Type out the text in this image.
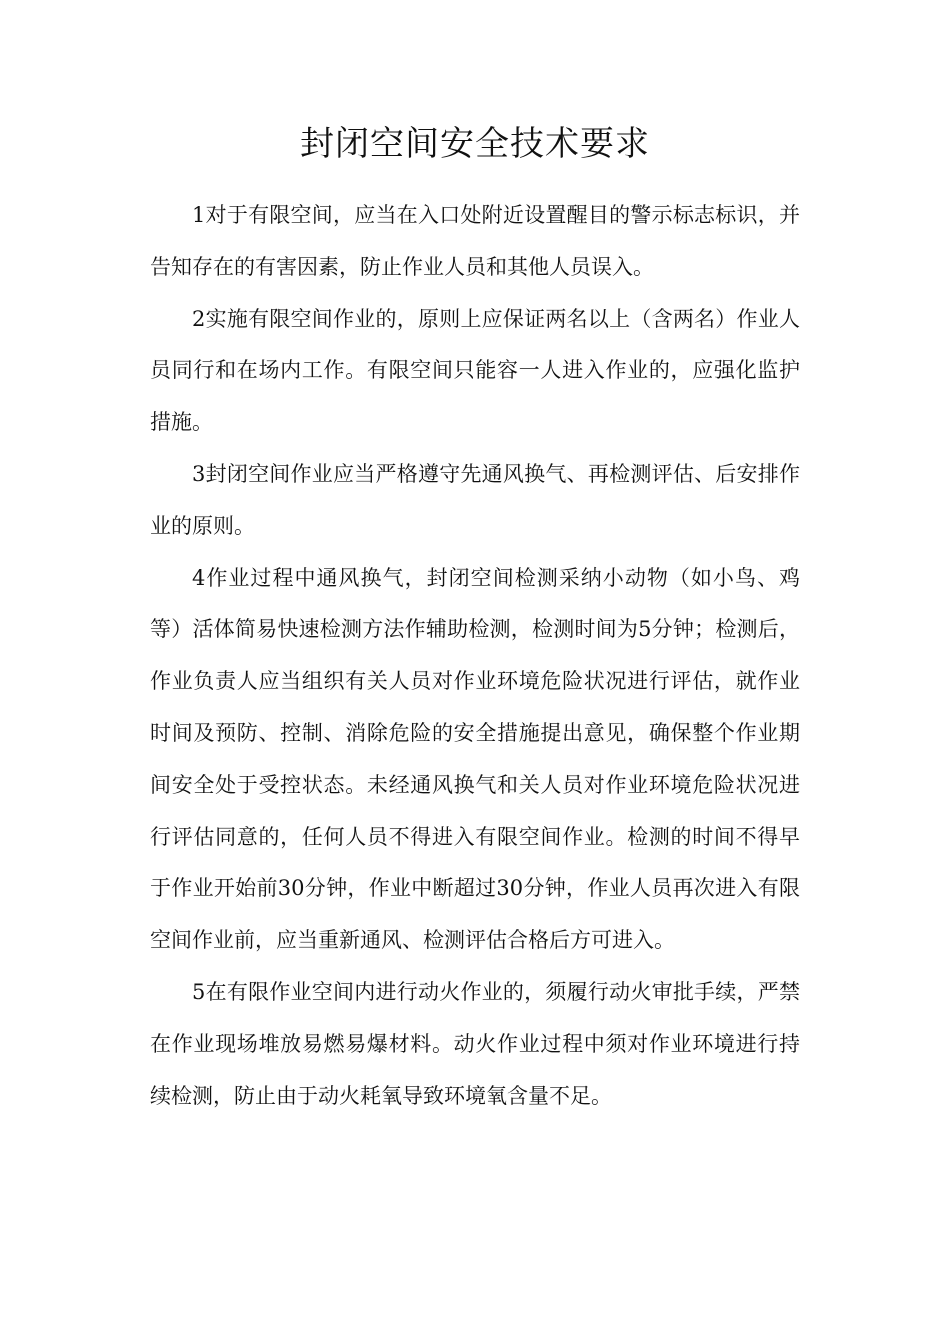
封闭空间安全技术要求

1对于有限空间，应当在入口处附近设置醒目的警示标志标识，并告知存在的有害因素，防止作业人员和其他人员误入。

2实施有限空间作业的，原则上应保证两名以上（含两名）作业人员同行和在场内工作。有限空间只能容一人进入作业的，应强化监护措施。

3封闭空间作业应当严格遵守先通风换气、再检测评估、后安排作业的原则。

4作业过程中通风换气，封闭空间检测采纳小动物（如小鸟、鸡等）活体简易快速检测方法作辅助检测，检测时间为5分钟；检测后，作业负责人应当组织有关人员对作业环境危险状况进行评估，就作业时间及预防、控制、消除危险的安全措施提出意见，确保整个作业期间安全处于受控状态。未经通风换气和关人员对作业环境危险状况进行评估同意的，任何人员不得进入有限空间作业。检测的时间不得早于作业开始前30分钟，作业中断超过30分钟，作业人员再次进入有限空间作业前，应当重新通风、检测评估合格后方可进入。

5在有限作业空间内进行动火作业的，须履行动火审批手续，严禁在作业现场堆放易燃易爆材料。动火作业过程中须对作业环境进行持续检测，防止由于动火耗氧导致环境氧含量不足。
